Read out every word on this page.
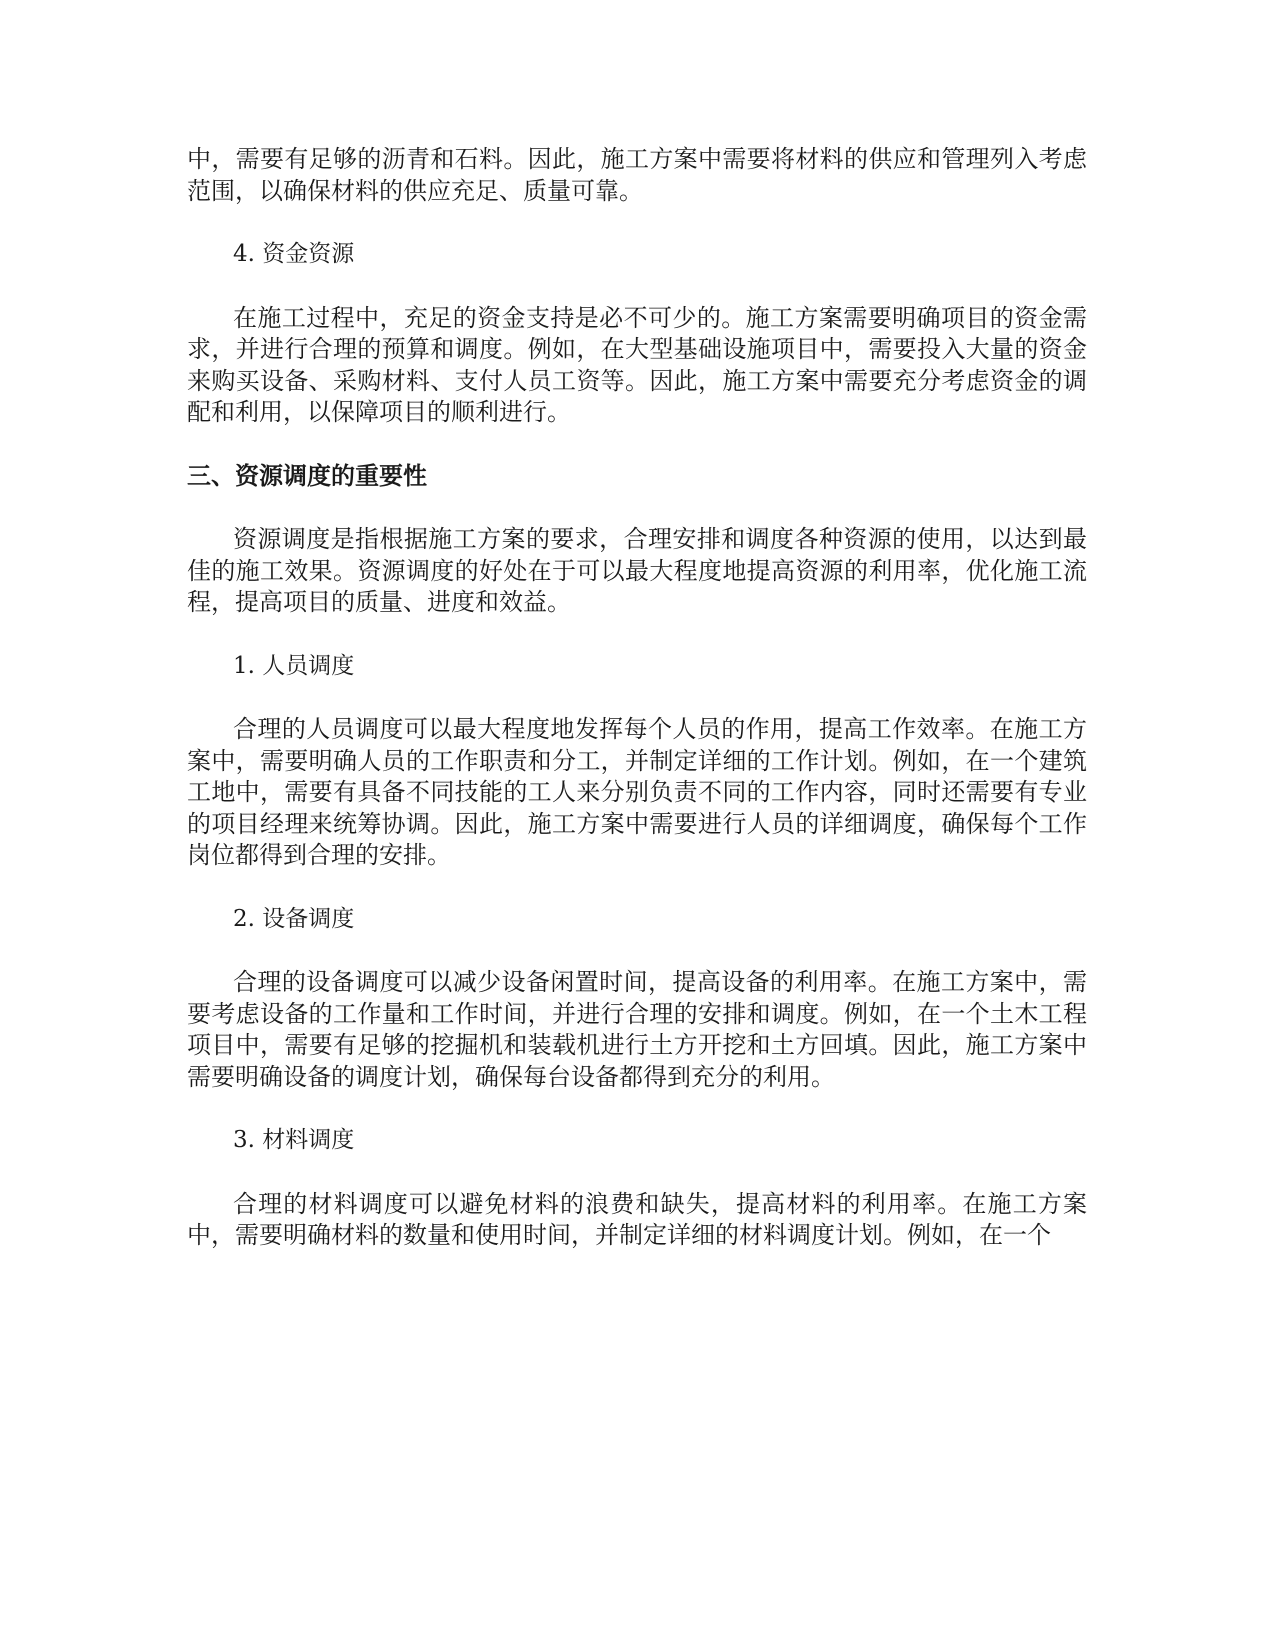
中，需要有足够的沥青和石料。因此，施工方案中需要将材料的供应和管理列入考虑范围，以确保材料的供应充足、质量可靠。

4. 资金资源

在施工过程中，充足的资金支持是必不可少的。施工方案需要明确项目的资金需求，并进行合理的预算和调度。例如，在大型基础设施项目中，需要投入大量的资金来购买设备、采购材料、支付人员工资等。因此，施工方案中需要充分考虑资金的调配和利用，以保障项目的顺利进行。

三、资源调度的重要性

资源调度是指根据施工方案的要求，合理安排和调度各种资源的使用，以达到最佳的施工效果。资源调度的好处在于可以最大程度地提高资源的利用率，优化施工流程，提高项目的质量、进度和效益。

1. 人员调度

合理的人员调度可以最大程度地发挥每个人员的作用，提高工作效率。在施工方案中，需要明确人员的工作职责和分工，并制定详细的工作计划。例如，在一个建筑工地中，需要有具备不同技能的工人来分别负责不同的工作内容，同时还需要有专业的项目经理来统筹协调。因此，施工方案中需要进行人员的详细调度，确保每个工作岗位都得到合理的安排。

2. 设备调度

合理的设备调度可以减少设备闲置时间，提高设备的利用率。在施工方案中，需要考虑设备的工作量和工作时间，并进行合理的安排和调度。例如，在一个土木工程项目中，需要有足够的挖掘机和装载机进行土方开挖和土方回填。因此，施工方案中需要明确设备的调度计划，确保每台设备都得到充分的利用。

3. 材料调度

合理的材料调度可以避免材料的浪费和缺失，提高材料的利用率。在施工方案中，需要明确材料的数量和使用时间，并制定详细的材料调度计划。例如，在一个
